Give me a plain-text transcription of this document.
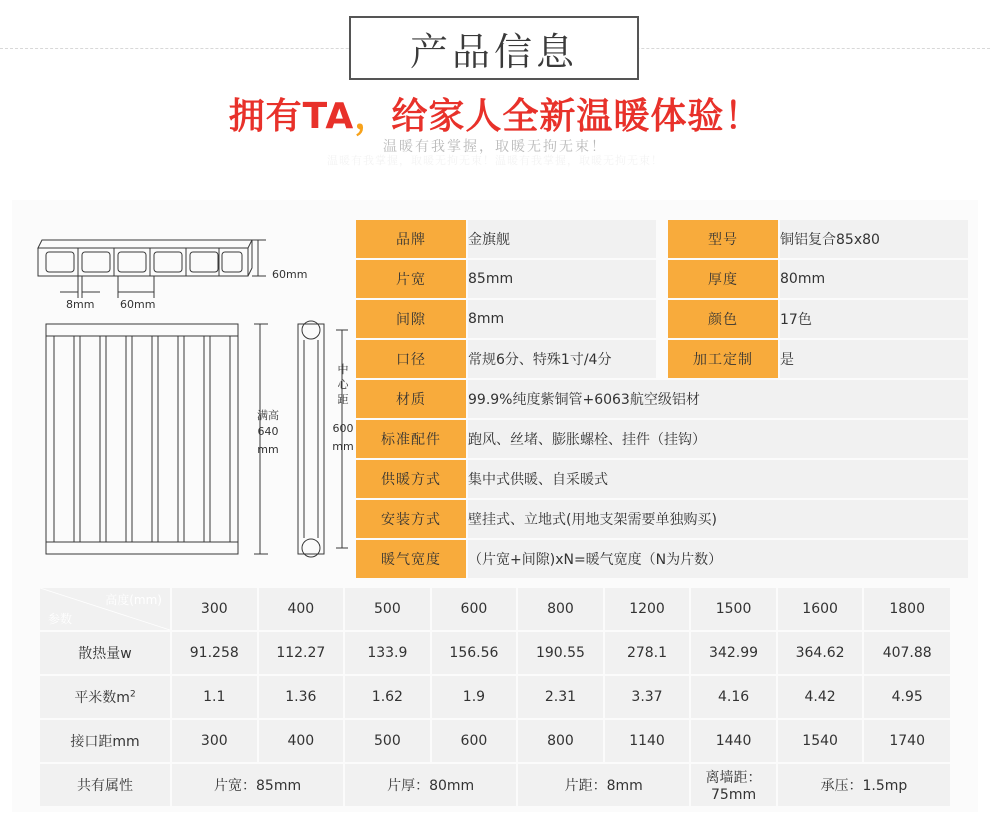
产品信息
拥有TA，给家人全新温暖体验！
温暖有我掌握，取暖无拘无束！
温暖有我掌握，取暖无拘无束！温暖有我掌握，取暖无拘无束！
60mm
8mm 60mm
满高
640
mm
中
心
距
600
mm
品牌	金旗舰		型号	铜铝复合85x80
片宽	85mm		厚度	80mm
间隙	8mm		颜色	17色
口径	常规6分、特殊1寸/4分		加工定制	是
材质	99.9%纯度紫铜管+6063航空级铝材
标准配件	跑风、丝堵、膨胀螺栓、挂件（挂钩）
供暖方式	集中式供暖、自采暖式
安装方式	壁挂式、立地式(用地支架需要单独购买)
暖气宽度	（片宽+间隙)xN=暖气宽度（N为片数）
高度(mm)
参数	300	400	500	600	800	1200	1500	1600	1800
散热量w	91.258	112.27	133.9	156.56	190.55	278.1	342.99	364.62	407.88
平米数$m^2$	1.1	1.36	1.62	1.9	2.31	3.37	4.16	4.42	4.95
接口距mm	300	400	500	600	800	1140	1440	1540	1740
共有属性	片宽：85mm		片厚：80mm		片距：8mm		离墙距：75mm	承压：1.5mp	
